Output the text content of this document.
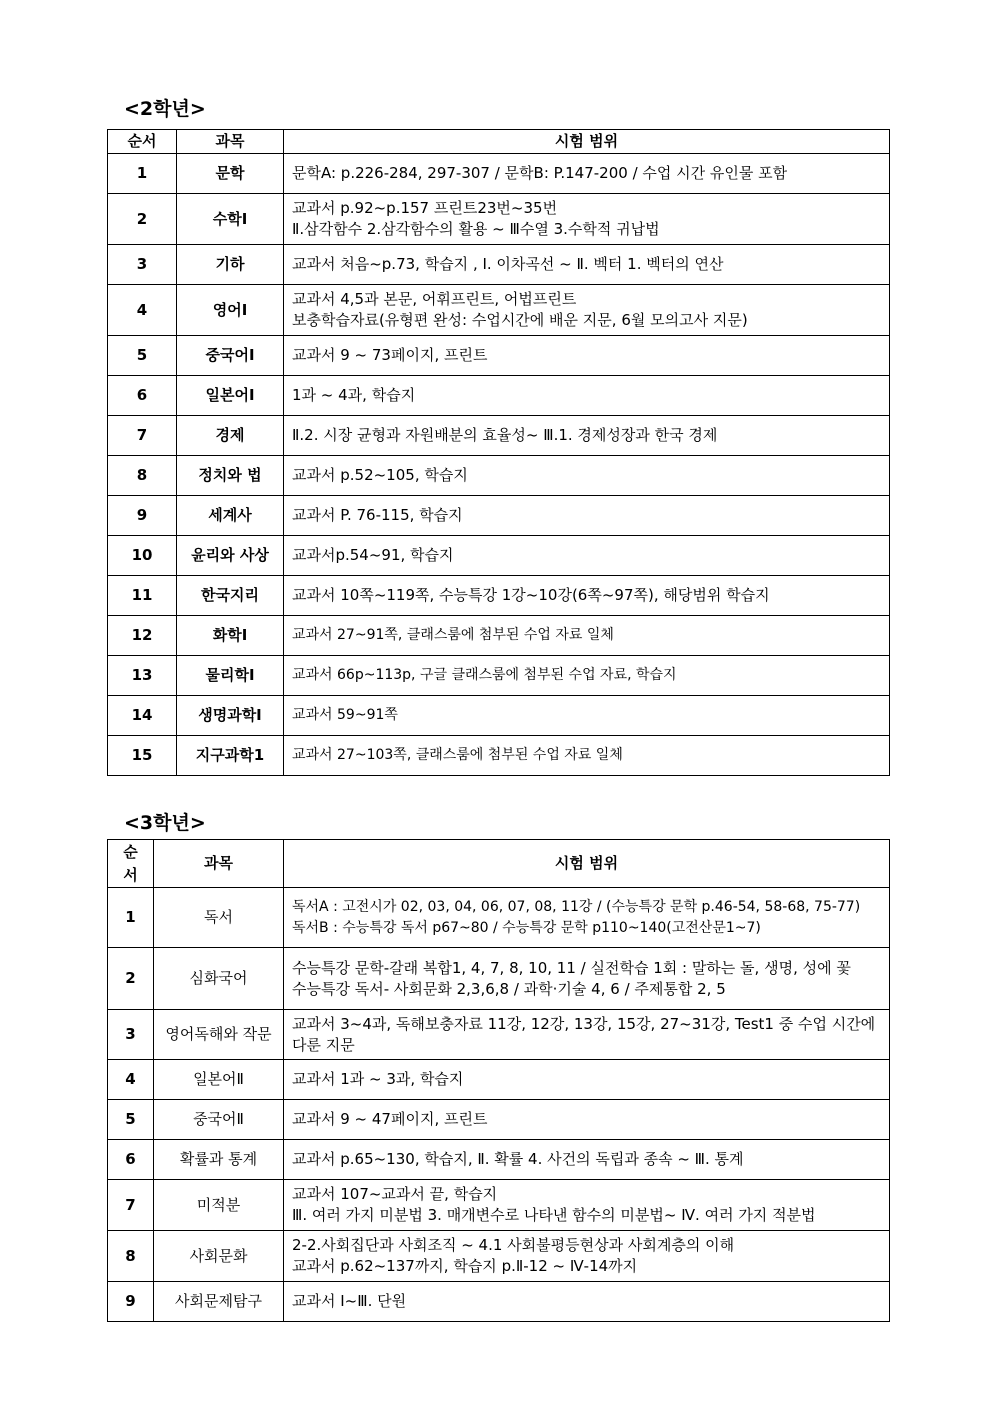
<2학년>
순서	과목	시험 범위
1	문학	문학A: p.226-284, 297-307 / 문학B: P.147-200 / 수업 시간 유인물 포함

2	수학Ⅰ	교과서 p.92~p.157 프린트23번~35번
Ⅱ.삼각함수 2.삼각함수의 활용 ~ Ⅲ수열 3.수학적 귀납법

3	기하	교과서 처음~p.73, 학습지 , Ⅰ. 이차곡선 ~ Ⅱ. 벡터 1. 벡터의 연산

4	영어Ⅰ	교과서 4,5과 본문, 어휘프린트, 어법프린트
보충학습자료(유형편 완성: 수업시간에 배운 지문, 6월 모의고사 지문)

5	중국어Ⅰ	교과서 9 ~ 73페이지, 프린트

6	일본어Ⅰ	1과 ~ 4과, 학습지

7	경제	Ⅱ.2. 시장 균형과 자원배분의 효율성~ Ⅲ.1. 경제성장과 한국 경제

8	정치와 법	교과서 p.52~105, 학습지

9	세계사	교과서 P. 76-115, 학습지

10	윤리와 사상	교과서p.54~91, 학습지

11	한국지리	교과서 10쪽~119쪽, 수능특강 1강~10강(6쪽~97쪽), 해당범위 학습지

12	화학Ⅰ	교과서 27~91쪽, 클래스룸에 첨부된 수업 자료 일체

13	물리학Ⅰ	교과서 66p~113p, 구글 클래스룸에 첨부된 수업 자료, 학습지

14	생명과학Ⅰ	교과서 59~91쪽

15	지구과학1	교과서 27~103쪽, 클래스룸에 첨부된 수업 자료 일체
<3학년>
순
서	과목	시험 범위
1	독서	독서A : 고전시가 02, 03, 04, 06, 07, 08, 11강 / (수능특강 문학 p.46-54, 58-68, 75-77)
독서B : 수능특강 독서 p67~80 / 수능특강 문학 p110~140(고전산문1~7)

2	심화국어	수능특강 문학-갈래 복합1, 4, 7, 8, 10, 11 / 실전학습 1회 : 말하는 돌, 생명, 성에 꽃
수능특강 독서- 사회문화 2,3,6,8 / 과학·기술 4, 6 / 주제통합 2, 5

3	영어독해와 작문	교과서 3~4과, 독해보충자료 11강, 12강, 13강, 15강, 27~31강, Test1 중 수업 시간에
다룬 지문

4	일본어Ⅱ	교과서 1과 ~ 3과, 학습지

5	중국어Ⅱ	교과서 9 ~ 47페이지, 프린트

6	확률과 통계	교과서 p.65~130, 학습지, Ⅱ. 확률 4. 사건의 독립과 종속 ~ Ⅲ. 통계

7	미적분	교과서 107~교과서 끝, 학습지
Ⅲ. 여러 가지 미분법 3. 매개변수로 나타낸 함수의 미분법~ Ⅳ. 여러 가지 적분법

8	사회문화	2-2.사회집단과 사회조직 ~ 4.1 사회불평등현상과 사회계층의 이해
교과서 p.62~137까지, 학습지 p.Ⅱ-12 ~ Ⅳ-14까지

9	사회문제탐구	교과서 Ⅰ~Ⅲ. 단원
